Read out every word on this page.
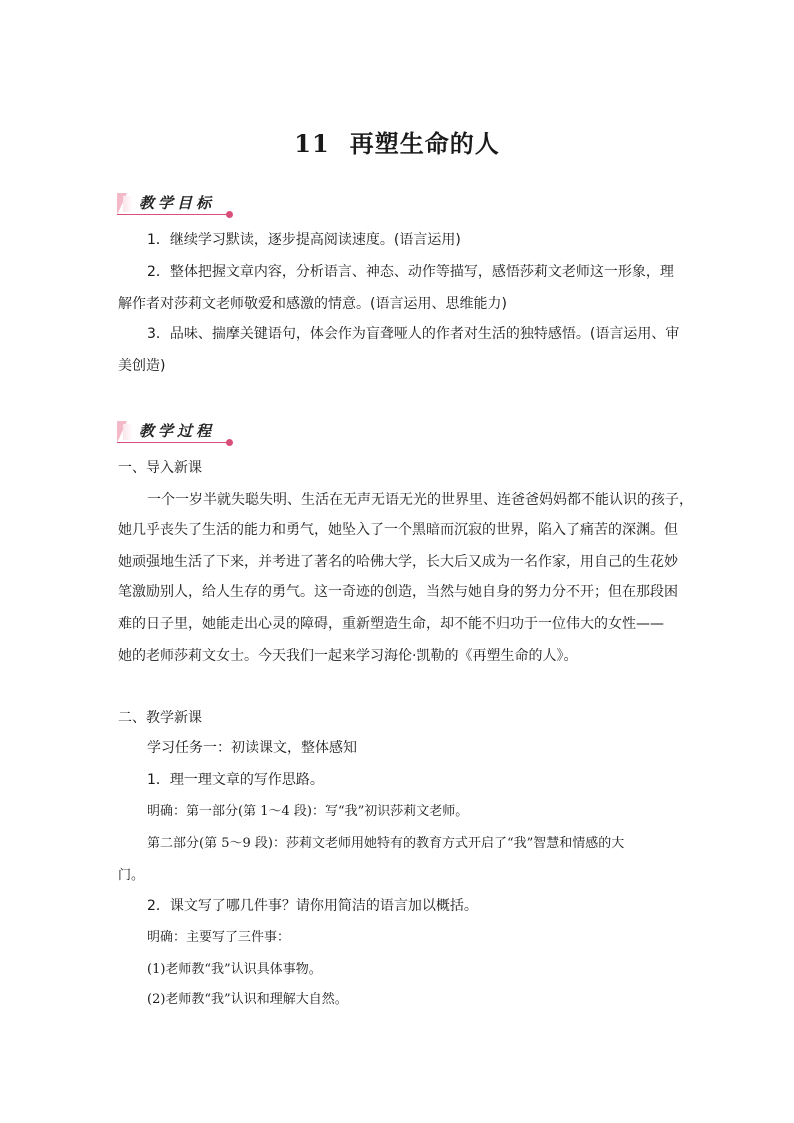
11 再塑生命的人
教学目标

1．继续学习默读，逐步提高阅读速度。(语言运用)

2．整体把握文章内容，分析语言、神态、动作等描写，感悟莎莉文老师这一形象，理

解作者对莎莉文老师敬爱和感激的情意。(语言运用、思维能力)

3．品味、揣摩关键语句，体会作为盲聋哑人的作者对生活的独特感悟。(语言运用、审

美创造)

教学过程

一、导入新课

一个一岁半就失聪失明、生活在无声无语无光的世界里、连爸爸妈妈都不能认识的孩子，

她几乎丧失了生活的能力和勇气，她坠入了一个黑暗而沉寂的世界，陷入了痛苦的深渊。但

她顽强地生活了下来，并考进了著名的哈佛大学，长大后又成为一名作家，用自己的生花妙

笔激励别人，给人生存的勇气。这一奇迹的创造，当然与她自身的努力分不开；但在那段困

难的日子里，她能走出心灵的障碍，重新塑造生命，却不能不归功于一位伟大的女性——

她的老师莎莉文女士。今天我们一起来学习海伦·凯勒的《再塑生命的人》。

二、教学新课

学习任务一：初读课文，整体感知

1．理一理文章的写作思路。

明确：第一部分(第 1～4 段)：写“我”初识莎莉文老师。

第二部分(第 5～9 段)：莎莉文老师用她特有的教育方式开启了“我”智慧和情感的大

门。

2．课文写了哪几件事？请你用简洁的语言加以概括。

明确：主要写了三件事：

(1)老师教“我”认识具体事物。

(2)老师教“我”认识和理解大自然。
